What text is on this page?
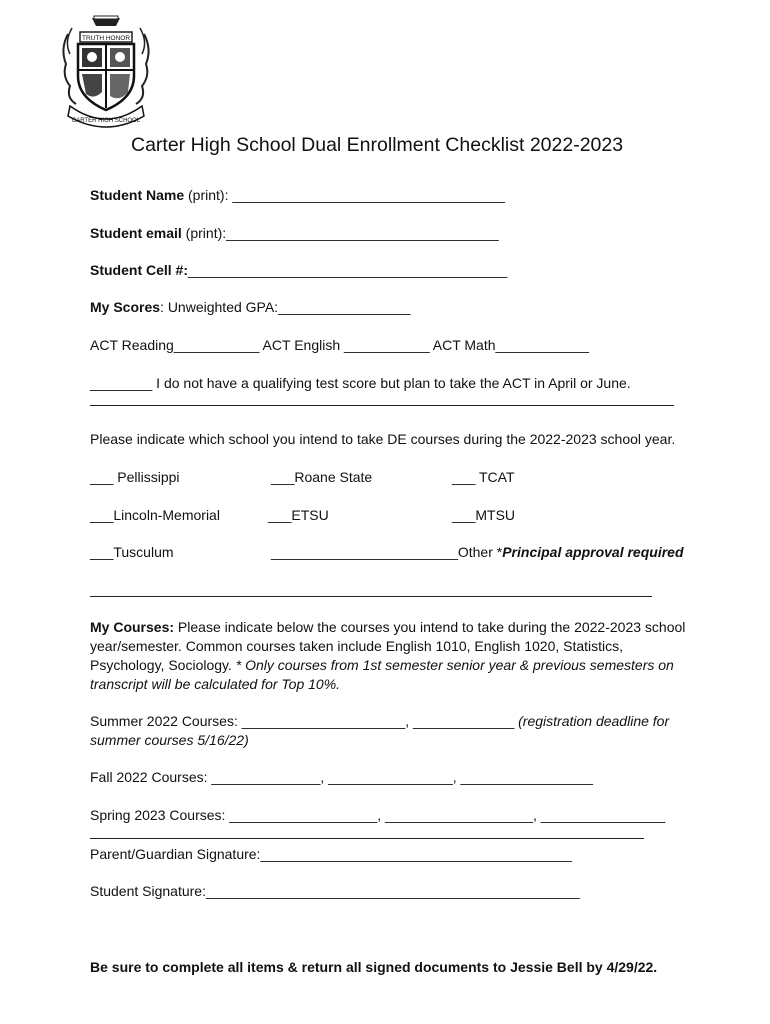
TRUTH HONOR
CARTER HIGH SCHOOL
Carter High School Dual Enrollment Checklist 2022-2023
Student Name (print): ___________________________________
Student email (print):___________________________________
Student Cell #:_________________________________________
My Scores: Unweighted GPA:_________________
ACT Reading___________ ACT English ___________ ACT Math____________
________ I do not have a qualifying test score but plan to take the ACT in April or June.
Please indicate which school you intend to take DE courses during the 2022-2023 school year.
___ Pellissippi	___Roane State	___ TCAT
___Lincoln-Memorial	___ETSU	___MTSU
___Tusculum	________________________Other *Principal approval required
My Courses: Please indicate below the courses you intend to take during the 2022-2023 school year/semester. Common courses taken include English 1010, English 1020, Statistics, Psychology, Sociology. * Only courses from 1st semester senior year & previous semesters on transcript will be calculated for Top 10%.
Summer 2022 Courses: _____________________, _____________ (registration deadline for summer courses 5/16/22)
Fall 2022 Courses: ______________, ________________, _________________
Spring 2023 Courses: ___________________, ___________________, ________________
Parent/Guardian Signature:________________________________________
Student Signature:________________________________________________
Be sure to complete all items & return all signed documents to Jessie Bell by 4/29/22.
